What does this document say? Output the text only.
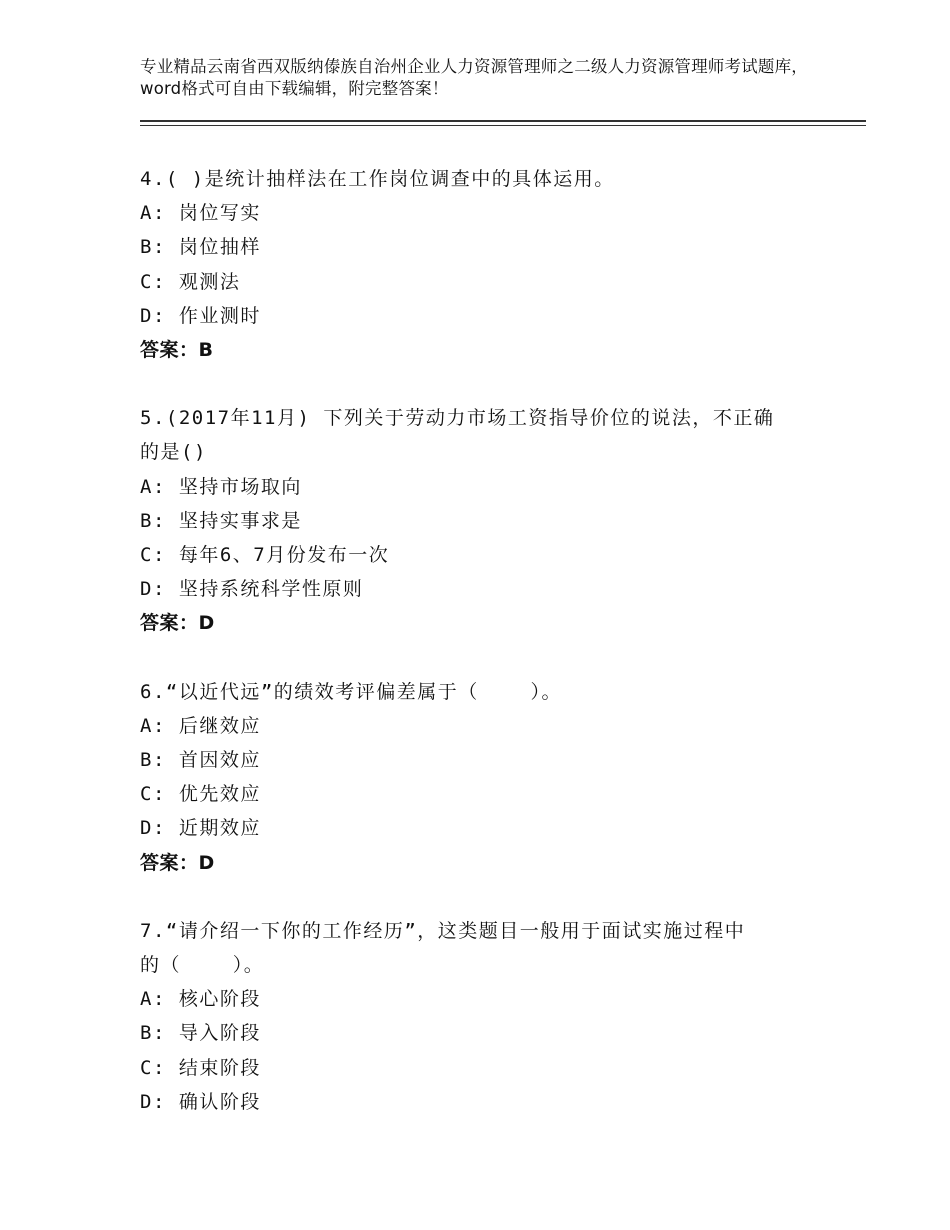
专业精品云南省西双版纳傣族自治州企业人力资源管理师之二级人力资源管理师考试题库，word格式可自由下载编辑，附完整答案！
4.( )是统计抽样法在工作岗位调查中的具体运用。
A: 岗位写实
B: 岗位抽样
C: 观测法
D: 作业测时
答案：B
5.(2017年11月) 下列关于劳动力市场工资指导价位的说法，不正确
的是()
A: 坚持市场取向
B: 坚持实事求是
C: 每年6、7月份发布一次
D: 坚持系统科学性原则
答案：D
6.“以近代远”的绩效考评偏差属于（    ）。
A: 后继效应
B: 首因效应
C: 优先效应
D: 近期效应
答案：D
7.“请介绍一下你的工作经历”，这类题目一般用于面试实施过程中
的（    ）。
A: 核心阶段
B: 导入阶段
C: 结束阶段
D: 确认阶段
